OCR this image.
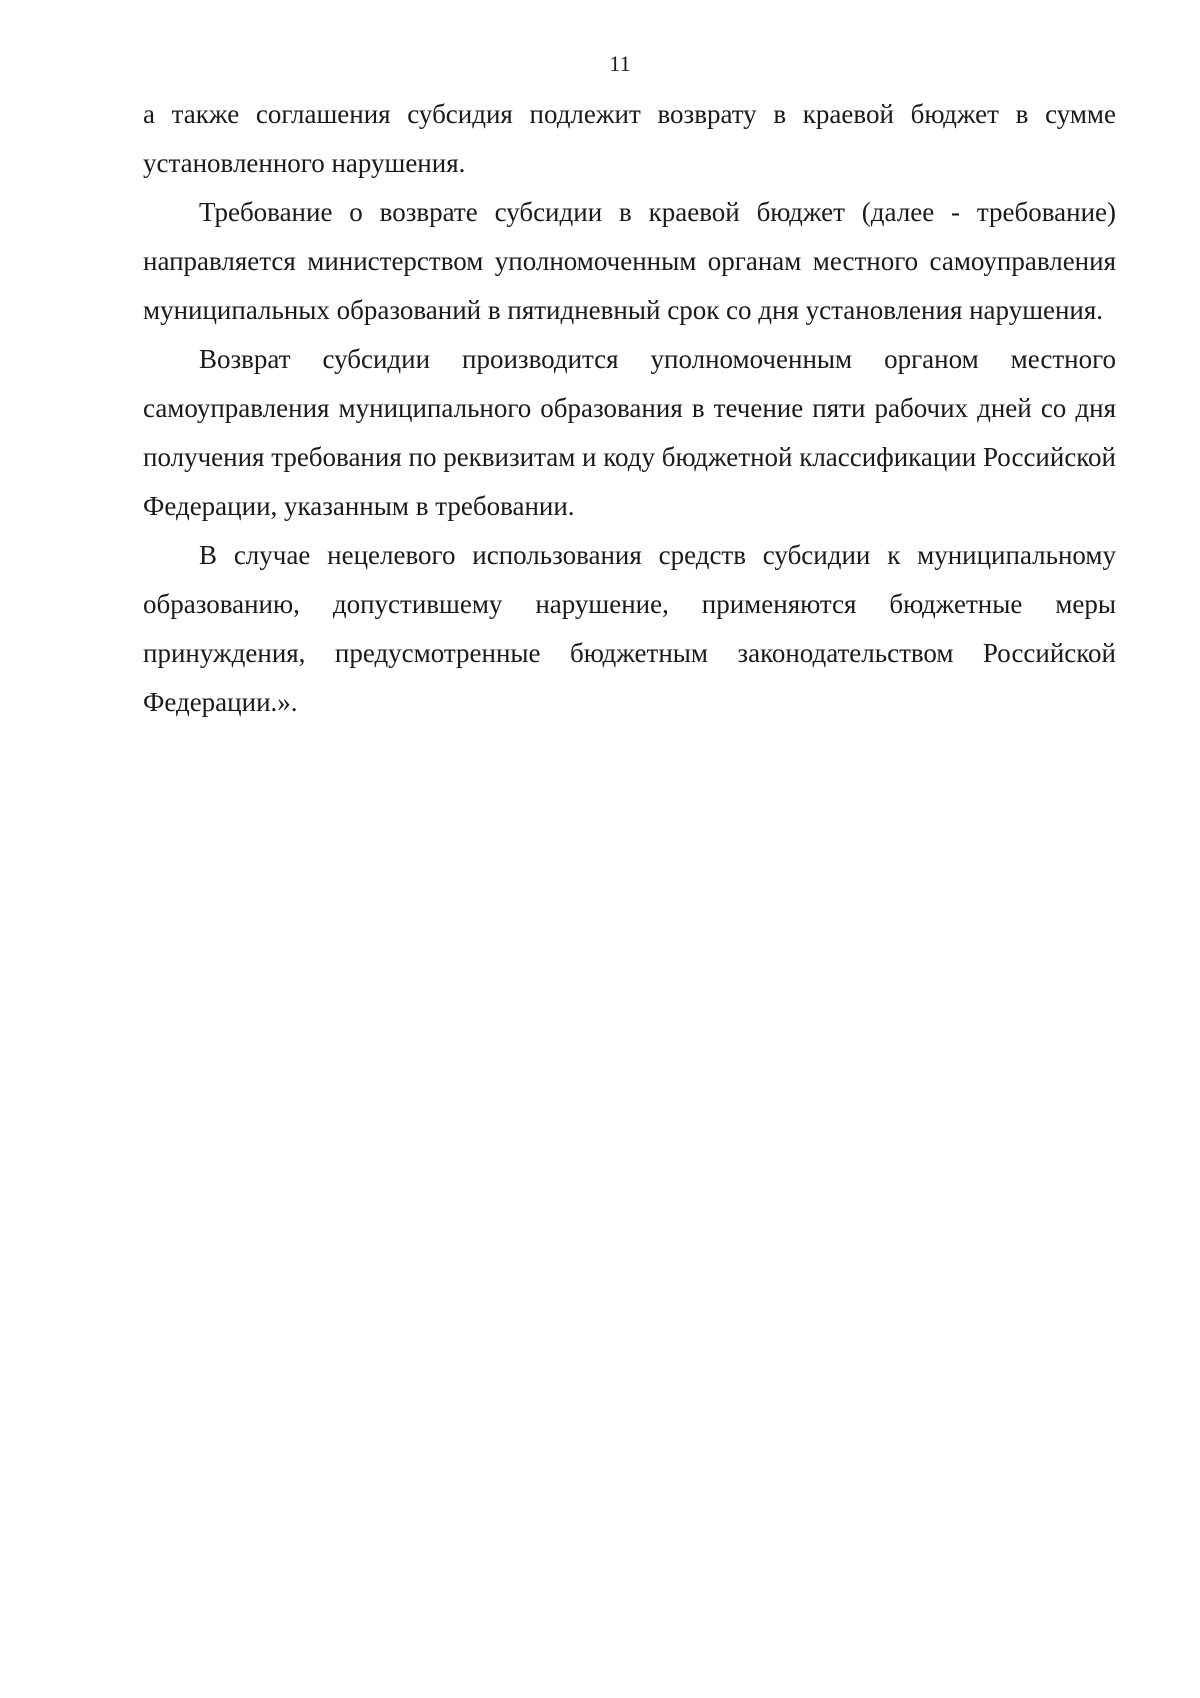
11

а также соглашения субсидия подлежит возврату в краевой бюджет в сумме установленного нарушения.

Требование о возврате субсидии в краевой бюджет (далее - требование) направляется министерством уполномоченным органам местного самоуправления муниципальных образований в пятидневный срок со дня установления нарушения.

Возврат субсидии производится уполномоченным органом местного самоуправления муниципального образования в течение пяти рабочих дней со дня получения требования по реквизитам и коду бюджетной классификации Российской Федерации, указанным в требовании.

В случае нецелевого использования средств субсидии к муниципальному образованию, допустившему нарушение, применяются бюджетные меры принуждения, предусмотренные бюджетным законодательством Российской Федерации.».
